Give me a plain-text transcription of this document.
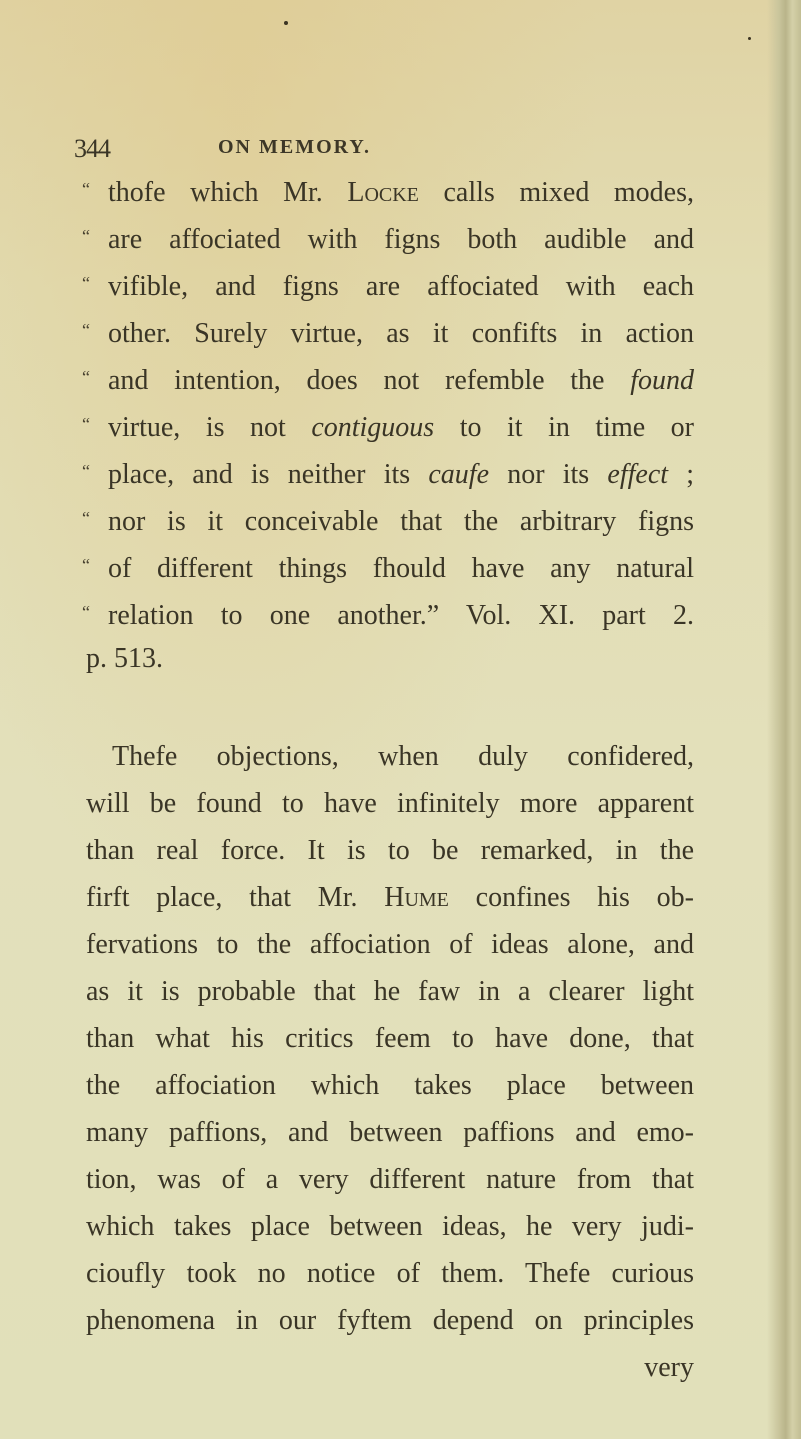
344	ON MEMORY.
“ thofe which Mr. Locke calls mixed modes,
“ are affociated with figns both audible and
“ vifible, and figns are affociated with each
“ other. Surely virtue, as it confifts in action
“ and intention, does not refemble the found
“ virtue, is not contiguous to it in time or
“ place, and is neither its caufe nor its effect ;
“ nor is it conceivable that the arbitrary figns
“ of different things fhould have any natural
“ relation to one another.” Vol. XI. part 2.
p. 513.
Thefe objections, when duly confidered,
will be found to have infinitely more apparent
than real force. It is to be remarked, in the
firft place, that Mr. Hume confines his ob-
fervations to the affociation of ideas alone, and
as it is probable that he faw in a clearer light
than what his critics feem to have done, that
the affociation which takes place between
many paffions, and between paffions and emo-
tion, was of a very different nature from that
which takes place between ideas, he very judi-
cioufly took no notice of them. Thefe curious
phenomena in our fyftem depend on principles
very
